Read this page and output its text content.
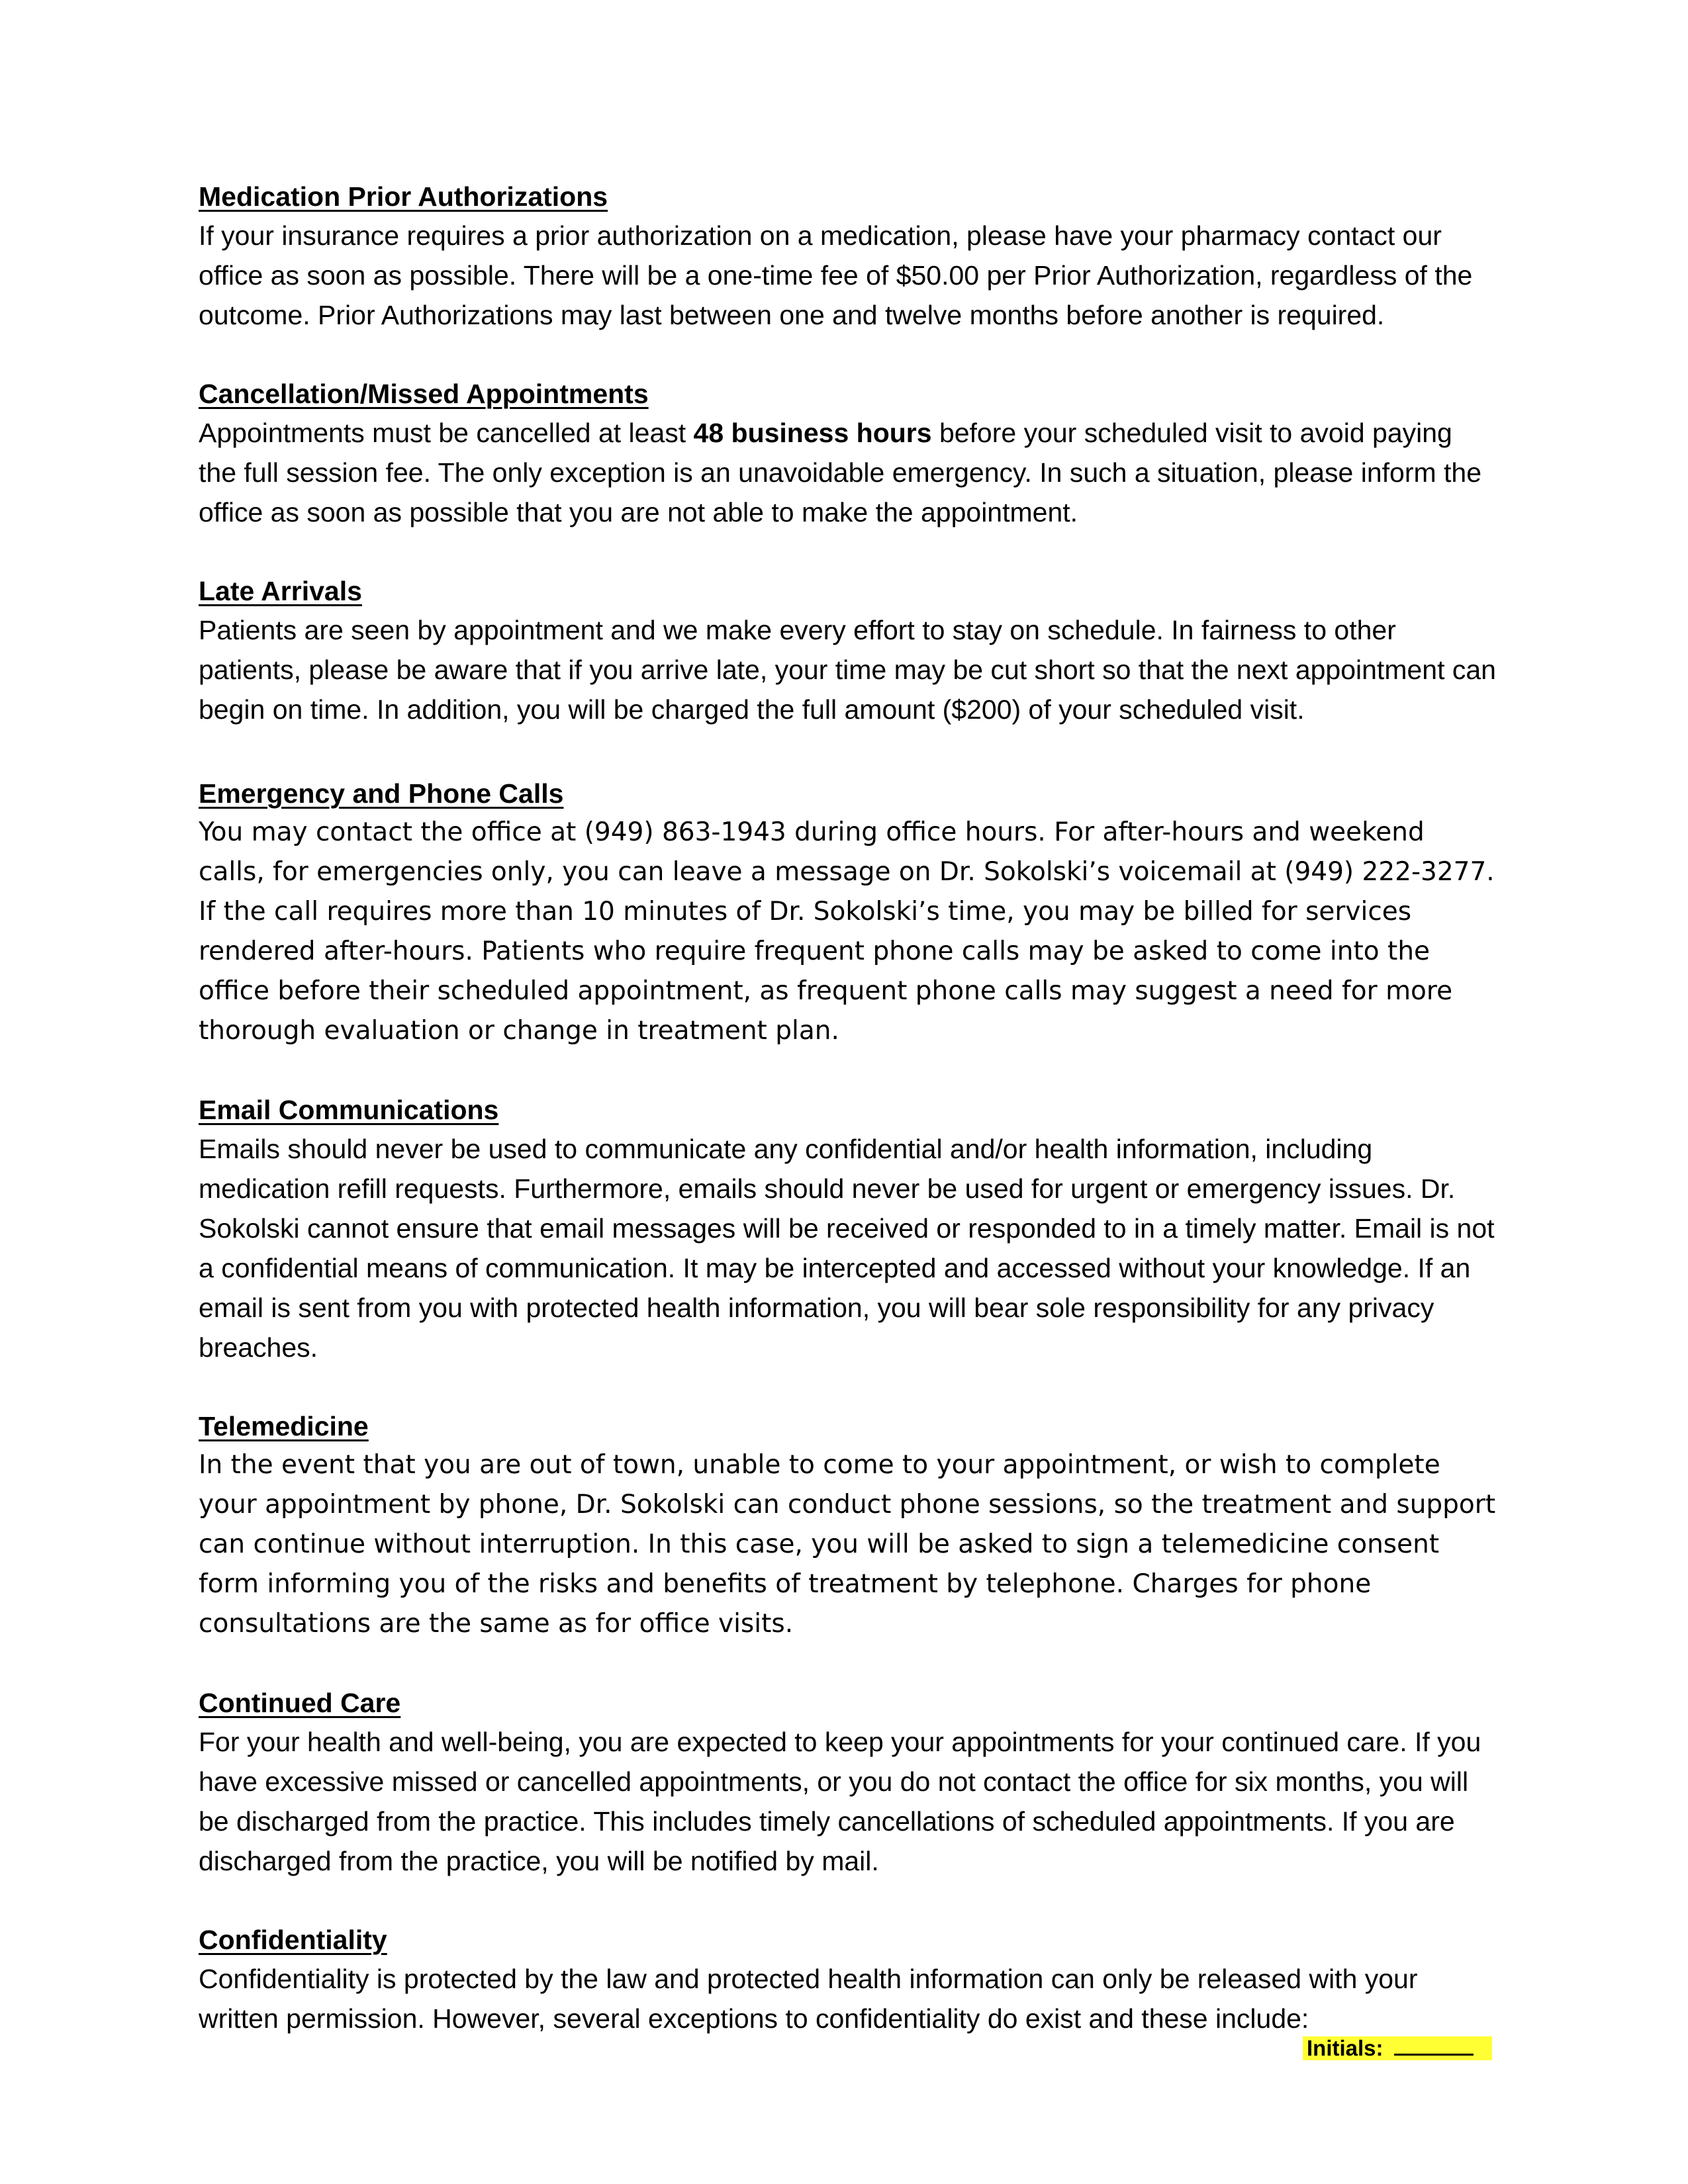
Medication Prior Authorizations

If your insurance requires a prior authorization on a medication, please have your pharmacy contact our office as soon as possible. There will be a one-time fee of $50.00 per Prior Authorization, regardless of the outcome. Prior Authorizations may last between one and twelve months before another is required.

Cancellation/Missed Appointments

Appointments must be cancelled at least 48 business hours before your scheduled visit to avoid paying the full session fee. The only exception is an unavoidable emergency. In such a situation, please inform the office as soon as possible that you are not able to make the appointment.

Late Arrivals

Patients are seen by appointment and we make every effort to stay on schedule. In fairness to other patients, please be aware that if you arrive late, your time may be cut short so that the next appointment can begin on time. In addition, you will be charged the full amount ($200) of your scheduled visit.

Emergency and Phone Calls

You may contact the office at (949) 863-1943 during office hours. For after-hours and weekend calls, for emergencies only, you can leave a message on Dr. Sokolski’s voicemail at (949) 222-3277. If the call requires more than 10 minutes of Dr. Sokolski’s time, you may be billed for services rendered after-hours. Patients who require frequent phone calls may be asked to come into the office before their scheduled appointment, as frequent phone calls may suggest a need for more thorough evaluation or change in treatment plan.

Email Communications

Emails should never be used to communicate any confidential and/or health information, including medication refill requests. Furthermore, emails should never be used for urgent or emergency issues. Dr. Sokolski cannot ensure that email messages will be received or responded to in a timely matter. Email is not a confidential means of communication. It may be intercepted and accessed without your knowledge. If an email is sent from you with protected health information, you will bear sole responsibility for any privacy breaches.

Telemedicine

In the event that you are out of town, unable to come to your appointment, or wish to complete your appointment by phone, Dr. Sokolski can conduct phone sessions, so the treatment and support can continue without interruption. In this case, you will be asked to sign a telemedicine consent form informing you of the risks and benefits of treatment by telephone. Charges for phone consultations are the same as for office visits.

Continued Care

For your health and well-being, you are expected to keep your appointments for your continued care. If you have excessive missed or cancelled appointments, or you do not contact the office for six months, you will be discharged from the practice. This includes timely cancellations of scheduled appointments. If you are discharged from the practice, you will be notified by mail.

Confidentiality

Confidentiality is protected by the law and protected health information can only be released with your written permission. However, several exceptions to confidentiality do exist and these include:

Initials:
